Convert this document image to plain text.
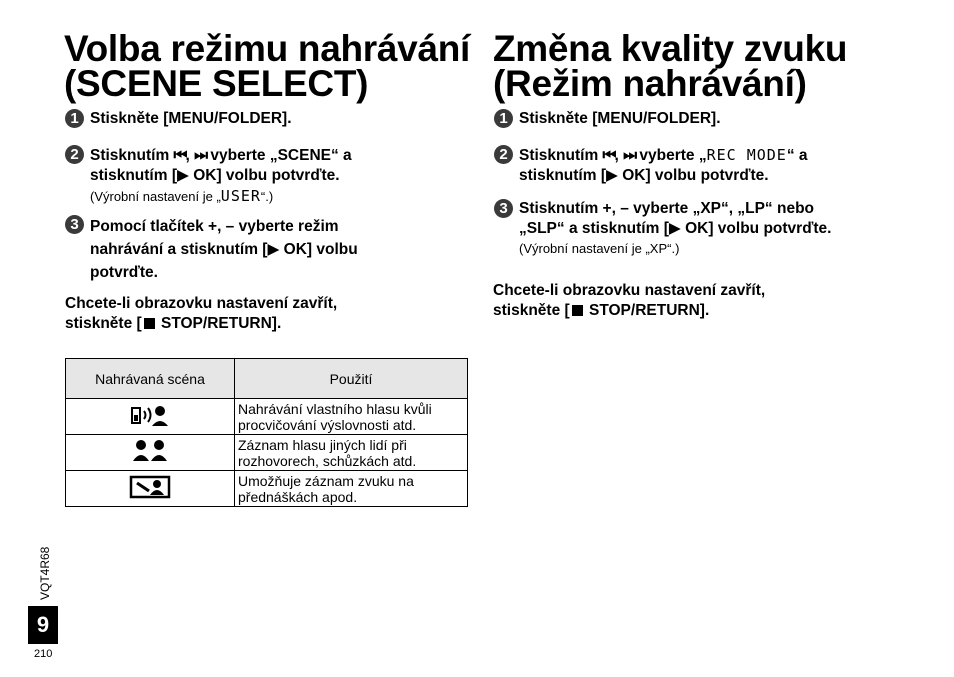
Volba režimu nahrávání
(SCENE SELECT)
1 Stiskněte [MENU/FOLDER].
2 Stisknutím ⏮, ⏭ vyberte „SCENE“ a
stisknutím [▶ OK] volbu potvrďte.
(Výrobní nastavení je „USER“.)
3 Pomocí tlačítek +, – vyberte režim
nahrávání a stisknutím [▶ OK] volbu
potvrďte.
Chcete-li obrazovku nastavení zavřít,
stiskněte [ STOP/RETURN].
Nahrávaná scéna	Použití
	Nahrávání vlastního hlasu kvůli
procvičování výslovnosti atd.
	Záznam hlasu jiných lidí při
rozhovorech, schůzkách atd.
	Umožňuje záznam zvuku na
přednáškách apod.
Změna kvality zvuku
(Režim nahrávání)
1 Stiskněte [MENU/FOLDER].
2 Stisknutím ⏮, ⏭ vyberte „REC MODE“ a
stisknutím [▶ OK] volbu potvrďte.
3 Stisknutím +, – vyberte „XP“, „LP“ nebo
„SLP“ a stisknutím [▶ OK] volbu potvrďte.
(Výrobní nastavení je „XP“.)
Chcete-li obrazovku nastavení zavřít,
stiskněte [ STOP/RETURN].
VQT4R68
9
210
